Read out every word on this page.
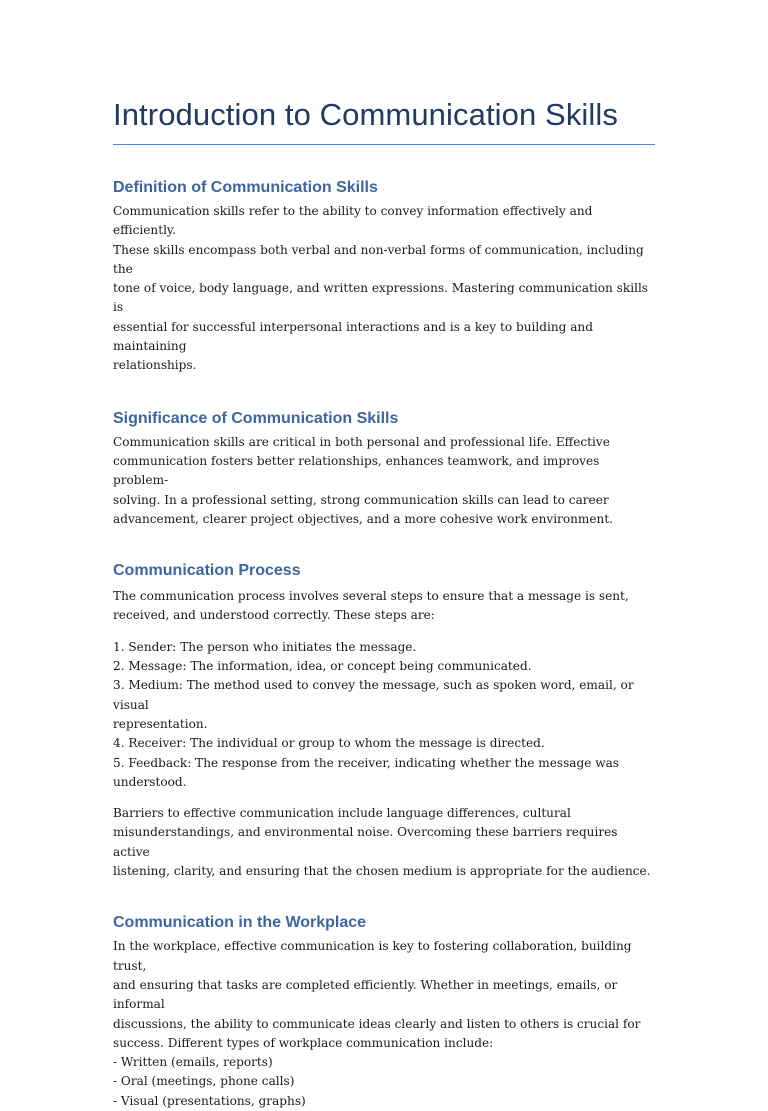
Introduction to Communication Skills
Definition of Communication Skills

Communication skills refer to the ability to convey information effectively and efficiently.
These skills encompass both verbal and non-verbal forms of communication, including the
tone of voice, body language, and written expressions. Mastering communication skills is
essential for successful interpersonal interactions and is a key to building and maintaining
relationships.

Significance of Communication Skills

Communication skills are critical in both personal and professional life. Effective
communication fosters better relationships, enhances teamwork, and improves problem-
solving. In a professional setting, strong communication skills can lead to career
advancement, clearer project objectives, and a more cohesive work environment.

Communication Process

The communication process involves several steps to ensure that a message is sent,
received, and understood correctly. These steps are:

1. Sender: The person who initiates the message.
2. Message: The information, idea, or concept being communicated.
3. Medium: The method used to convey the message, such as spoken word, email, or visual
representation.
4. Receiver: The individual or group to whom the message is directed.
5. Feedback: The response from the receiver, indicating whether the message was
understood.

Barriers to effective communication include language differences, cultural
misunderstandings, and environmental noise. Overcoming these barriers requires active
listening, clarity, and ensuring that the chosen medium is appropriate for the audience.

Communication in the Workplace

In the workplace, effective communication is key to fostering collaboration, building trust,
and ensuring that tasks are completed efficiently. Whether in meetings, emails, or informal
discussions, the ability to communicate ideas clearly and listen to others is crucial for
success. Different types of workplace communication include:
- Written (emails, reports)
- Oral (meetings, phone calls)
- Visual (presentations, graphs)
